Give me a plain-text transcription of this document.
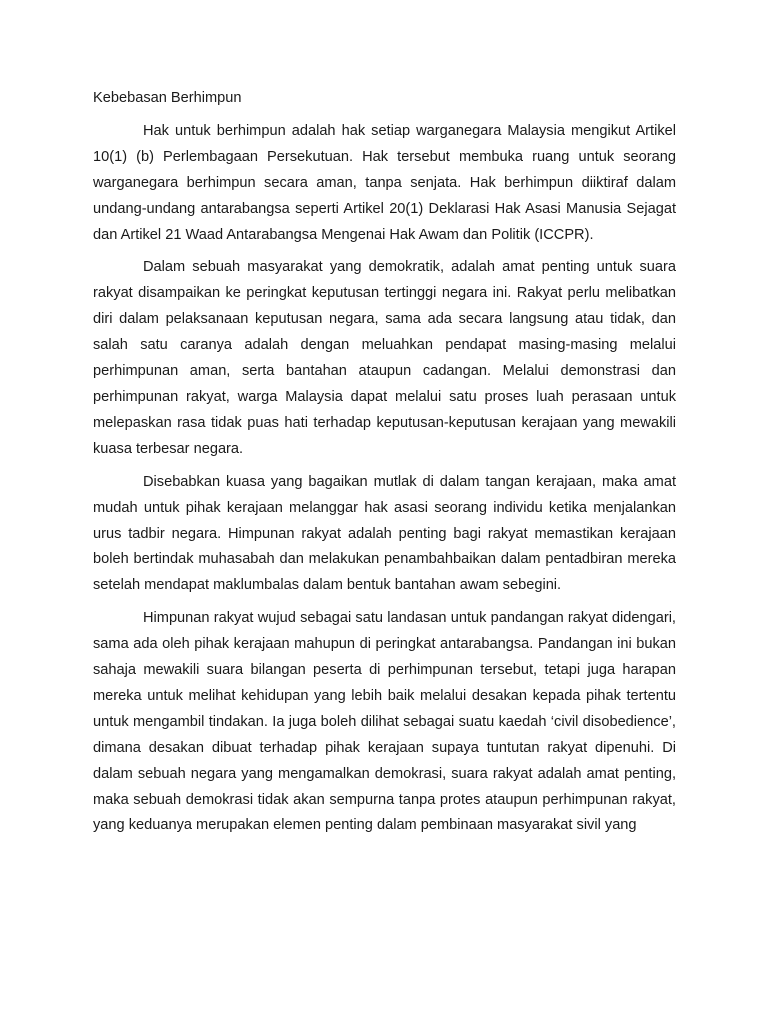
Kebebasan Berhimpun

Hak untuk berhimpun adalah hak setiap warganegara Malaysia mengikut Artikel 10(1) (b) Perlembagaan Persekutuan. Hak tersebut membuka ruang untuk seorang warganegara berhimpun secara aman, tanpa senjata. Hak berhimpun diiktiraf dalam undang-undang antarabangsa seperti Artikel 20(1) Deklarasi Hak Asasi Manusia Sejagat dan Artikel 21 Waad Antarabangsa Mengenai Hak Awam dan Politik (ICCPR).

Dalam sebuah masyarakat yang demokratik, adalah amat penting untuk suara rakyat disampaikan ke peringkat keputusan tertinggi negara ini. Rakyat perlu melibatkan diri dalam pelaksanaan keputusan negara, sama ada secara langsung atau tidak, dan salah satu caranya adalah dengan meluahkan pendapat masing-masing melalui perhimpunan aman, serta bantahan ataupun cadangan. Melalui demonstrasi dan perhimpunan rakyat, warga Malaysia dapat melalui satu proses luah perasaan untuk melepaskan rasa tidak puas hati terhadap keputusan-keputusan kerajaan yang mewakili kuasa terbesar negara.

Disebabkan kuasa yang bagaikan mutlak di dalam tangan kerajaan, maka amat mudah untuk pihak kerajaan melanggar hak asasi seorang individu ketika menjalankan urus tadbir negara. Himpunan rakyat adalah penting bagi rakyat memastikan kerajaan boleh bertindak muhasabah dan melakukan penambahbaikan dalam pentadbiran mereka setelah mendapat maklumbalas dalam bentuk bantahan awam sebegini.

Himpunan rakyat wujud sebagai satu landasan untuk pandangan rakyat didengari, sama ada oleh pihak kerajaan mahupun di peringkat antarabangsa. Pandangan ini bukan sahaja mewakili suara bilangan peserta di perhimpunan tersebut, tetapi juga harapan mereka untuk melihat kehidupan yang lebih baik melalui desakan kepada pihak tertentu untuk mengambil tindakan. Ia juga boleh dilihat sebagai suatu kaedah ‘civil disobedience’, dimana desakan dibuat terhadap pihak kerajaan supaya tuntutan rakyat dipenuhi. Di dalam sebuah negara yang mengamalkan demokrasi, suara rakyat adalah amat penting, maka sebuah demokrasi tidak akan sempurna tanpa protes ataupun perhimpunan rakyat, yang keduanya merupakan elemen penting dalam pembinaan masyarakat sivil yang
